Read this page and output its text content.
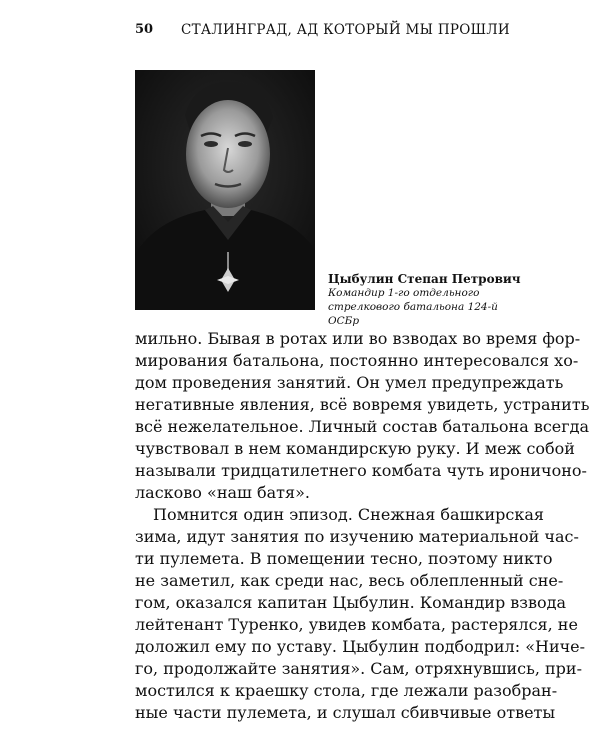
50 СТАЛИНГРАД, АД КОТОРЫЙ МЫ ПРОШЛИ
Цыбулин Степан Петрович
Командир 1-го отдельного
стрелкового батальона 124-й ОСБр
мильно. Бывая в ротах или во взводах во время фор-
мирования батальона, постоянно интересовался хо-
дом проведения занятий. Он умел предупреждать
негативные явления, всё вовремя увидеть, устранить
всё нежелательное. Личный состав батальона всегда
чувствовал в нем командирскую руку. И меж собой
называли тридцатилетнего комбата чуть ироничоно-
ласково «наш батя».
Помнится один эпизод. Снежная башкирская
зима, идут занятия по изучению материальной час-
ти пулемета. В помещении тесно, поэтому никто
не заметил, как среди нас, весь облепленный сне-
гом, оказался капитан Цыбулин. Командир взвода
лейтенант Туренко, увидев комбата, растерялся, не
доложил ему по уставу. Цыбулин подбодрил: «Ниче-
го, продолжайте занятия». Сам, отряхнувшись, при-
мостился к краешку стола, где лежали разобран-
ные части пулемета, и слушал сбивчивые ответы
